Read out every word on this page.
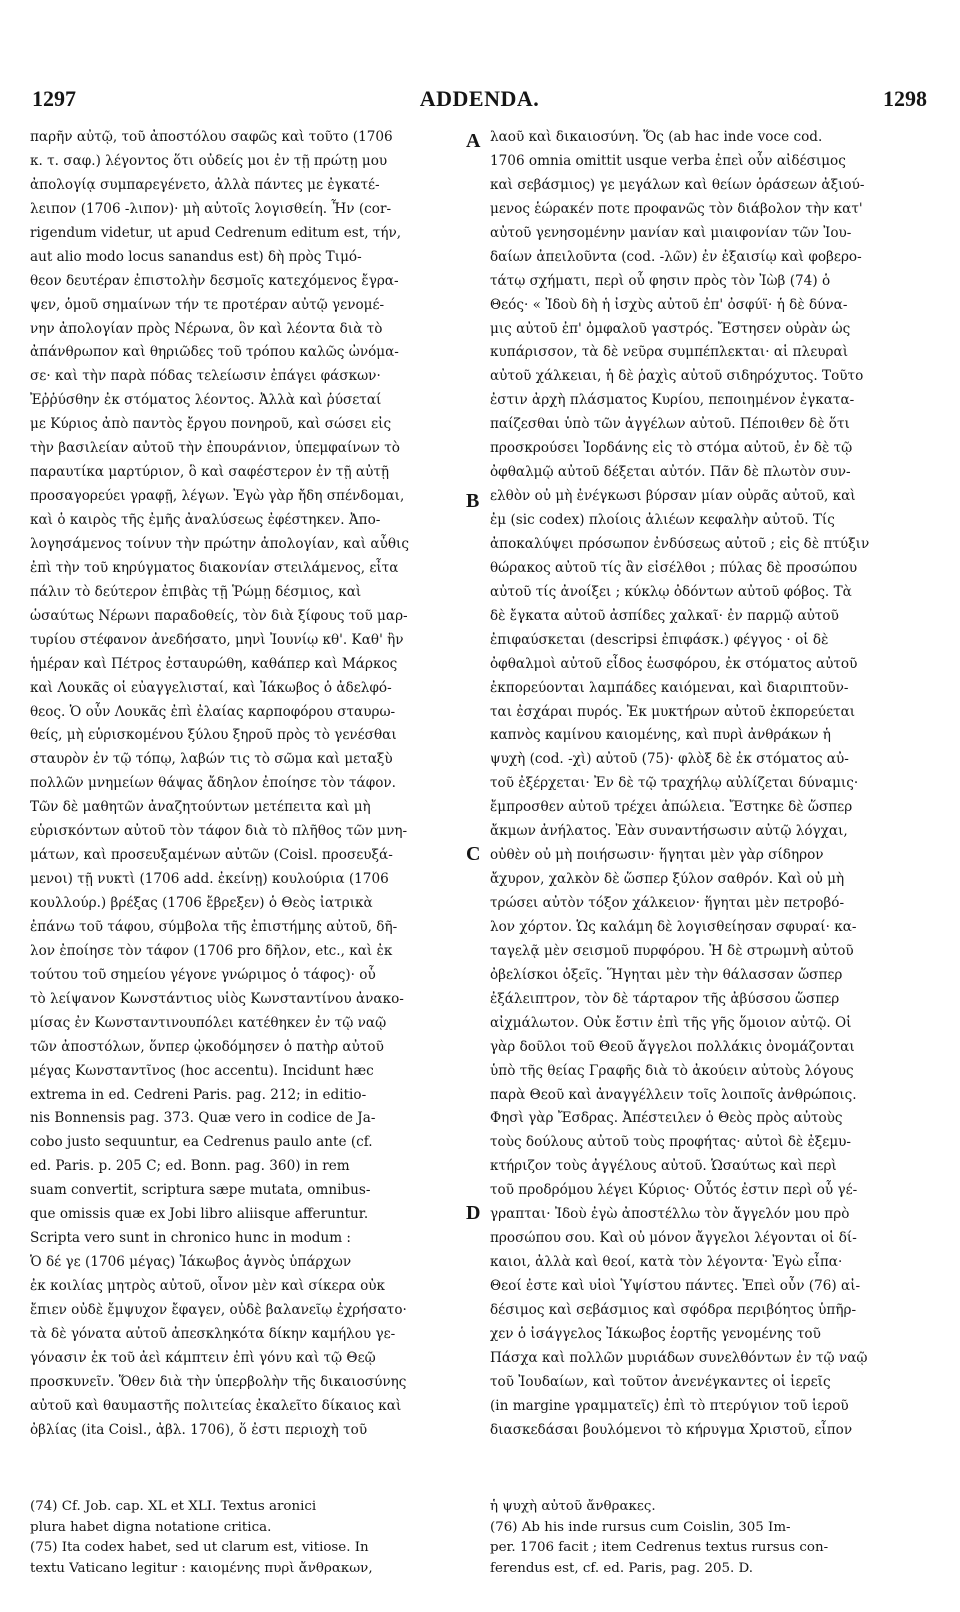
1297	ADDENDA.	1298
παρῆν αὐτῷ, τοῦ ἀποστόλου σαφῶς καὶ τοῦτο (1706
κ. τ. σαφ.) λέγοντος ὅτι οὐδείς μοι ἐν τῇ πρώτῃ μου
ἀπολογίᾳ συμπαρεγένετο, ἀλλὰ πάντες με ἐγκατέ-
λειπον (1706 -λιπον)· μὴ αὐτοῖς λογισθείη. Ἦν (cor-
rigendum videtur, ut apud Cedrenum editum est, τήν,
aut alio modo locus sanandus est) δὴ πρὸς Τιμό-
θεον δευτέραν ἐπιστολὴν δεσμοῖς κατεχόμενος ἔγρα-
ψεν, ὁμοῦ σημαίνων τήν τε προτέραν αὐτῷ γενομέ-
νην ἀπολογίαν πρὸς Νέρωνα, ὃν καὶ λέοντα διὰ τὸ
ἀπάνθρωπον καὶ θηριῶδες τοῦ τρόπου καλῶς ὠνόμα-
σε· καὶ τὴν παρὰ πόδας τελείωσιν ἐπάγει φάσκων·
Ἐῤῥύσθην ἐκ στόματος λέοντος. Ἀλλὰ καὶ ῥύσεταί
με Κύριος ἀπὸ παντὸς ἔργου πονηροῦ, καὶ σώσει εἰς
τὴν βασιλείαν αὐτοῦ τὴν ἐπουράνιον, ὑπεμφαίνων τὸ
παραυτίκα μαρτύριον, ὃ καὶ σαφέστερον ἐν τῇ αὐτῇ
προσαγορεύει γραφῇ, λέγων. Ἐγὼ γὰρ ἤδη σπένδομαι,
καὶ ὁ καιρὸς τῆς ἐμῆς ἀναλύσεως ἐφέστηκεν. Ἀπο-
λογησάμενος τοίνυν τὴν πρώτην ἀπολογίαν, καὶ αὖθις
ἐπὶ τὴν τοῦ κηρύγματος διακονίαν στειλάμενος, εἶτα
πάλιν τὸ δεύτερον ἐπιβὰς τῇ Ῥώμῃ δέσμιος, καὶ
ὡσαύτως Νέρωνι παραδοθείς, τὸν διὰ ξίφους τοῦ μαρ-
τυρίου στέφανον ἀνεδήσατο, μηνὶ Ἰουνίῳ κθ'. Καθ' ἣν
ἡμέραν καὶ Πέτρος ἐσταυρώθη, καθάπερ καὶ Μάρκος
καὶ Λουκᾶς οἱ εὐαγγελισταί, καὶ Ἰάκωβος ὁ ἀδελφό-
θεος. Ὁ οὖν Λουκᾶς ἐπὶ ἐλαίας καρποφόρου σταυρω-
θείς, μὴ εὑρισκομένου ξύλου ξηροῦ πρὸς τὸ γενέσθαι
σταυρὸν ἐν τῷ τόπῳ, λαβών τις τὸ σῶμα καὶ μεταξὺ
πολλῶν μνημείων θάψας ἄδηλον ἐποίησε τὸν τάφον.
Τῶν δὲ μαθητῶν ἀναζητούντων μετέπειτα καὶ μὴ
εὑρισκόντων αὐτοῦ τὸν τάφον διὰ τὸ πλῆθος τῶν μνη-
μάτων, καὶ προσευξαμένων αὐτῶν (Coisl. προσευξά-
μενοι) τῇ νυκτὶ (1706 add. ἐκείνῃ) κουλούρια (1706
κουλλούρ.) βρέξας (1706 ἔβρεξεν) ὁ Θεὸς ἰατρικὰ
ἐπάνω τοῦ τάφου, σύμβολα τῆς ἐπιστήμης αὐτοῦ, δῆ-
λον ἐποίησε τὸν τάφον (1706 pro δῆλον, etc., καὶ ἐκ
τούτου τοῦ σημείου γέγονε γνώριμος ὁ τάφος)· οὗ
τὸ λείψανον Κωνστάντιος υἱὸς Κωνσταντίνου ἀνακο-
μίσας ἐν Κωνσταντινουπόλει κατέθηκεν ἐν τῷ ναῷ
τῶν ἀποστόλων, ὅνπερ ᾠκοδόμησεν ὁ πατὴρ αὐτοῦ
μέγας Κωνσταντῖνος (hoc accentu). Incidunt hæc
extrema in ed. Cedreni Paris. pag. 212; in editio-
nis Bonnensis pag. 373. Quæ vero in codice de Ja-
cobo justo sequuntur, ea Cedrenus paulo ante (cf.
ed. Paris. p. 205 C; ed. Bonn. pag. 360) in rem
suam convertit, scriptura sæpe mutata, omnibus-
que omissis quæ ex Jobi libro aliisque afferuntur.
Scripta vero sunt in chronico hunc in modum :
Ὁ δέ γε (1706 μέγας) Ἰάκωβος ἁγνὸς ὑπάρχων
ἐκ κοιλίας μητρὸς αὐτοῦ, οἶνον μὲν καὶ σίκερα οὐκ
ἔπιεν οὐδὲ ἔμψυχον ἔφαγεν, οὐδὲ βαλανεῖῳ ἐχρήσατο·
τὰ δὲ γόνατα αὐτοῦ ἀπεσκληκότα δίκην καμήλου γε-
γόνασιν ἐκ τοῦ ἀεὶ κάμπτειν ἐπὶ γόνυ καὶ τῷ Θεῷ
προσκυνεῖν. Ὅθεν διὰ τὴν ὑπερβολὴν τῆς δικαιοσύνης
αὐτοῦ καὶ θαυμαστῆς πολιτείας ἐκαλεῖτο δίκαιος καὶ
ὀβλίας (ita Coisl., ἀβλ. 1706), ὅ ἐστι περιοχὴ τοῦ
λαοῦ καὶ δικαιοσύνη. Ὅς (ab hac inde voce cod.
1706 omnia omittit usque verba ἐπεὶ οὖν αἰδέσιμος
καὶ σεβάσμιος) γε μεγάλων καὶ θείων ὁράσεων ἀξιού-
μενος ἑώρακέν ποτε προφανῶς τὸν διάβολον τὴν κατ'
αὐτοῦ γενησομένην μανίαν καὶ μιαιφονίαν τῶν Ἰου-
δαίων ἀπειλοῦντα (cod. -λῶν) ἐν ἐξαισίῳ καὶ φοβερο-
τάτῳ σχήματι, περὶ οὗ φησιν πρὸς τὸν Ἰὼβ (74) ὁ
Θεός· « Ἰδοὺ δὴ ἡ ἰσχὺς αὐτοῦ ἐπ' ὀσφύϊ· ἡ δὲ δύνα-
μις αὐτοῦ ἐπ' ὀμφαλοῦ γαστρός. Ἔστησεν οὐρὰν ὡς
κυπάρισσον, τὰ δὲ νεῦρα συμπέπλεκται· αἱ πλευραὶ
αὐτοῦ χάλκειαι, ἡ δὲ ῥαχὶς αὐτοῦ σιδηρόχυτος. Τοῦτο
ἐστιν ἀρχὴ πλάσματος Κυρίου, πεποιημένον ἐγκατα-
παίζεσθαι ὑπὸ τῶν ἀγγέλων αὐτοῦ. Πέποιθεν δὲ ὅτι
προσκρούσει Ἰορδάνης εἰς τὸ στόμα αὐτοῦ, ἐν δὲ τῷ
ὀφθαλμῷ αὐτοῦ δέξεται αὐτόν. Πᾶν δὲ πλωτὸν συν-
ελθὸν οὐ μὴ ἐνέγκωσι βύρσαν μίαν οὐρᾶς αὐτοῦ, καὶ
ἐμ (sic codex) πλοίοις ἁλιέων κεφαλὴν αὐτοῦ. Τίς
ἀποκαλύψει πρόσωπον ἐνδύσεως αὐτοῦ ; εἰς δὲ πτύξιν
θώρακος αὐτοῦ τίς ἂν εἰσέλθοι ; πύλας δὲ προσώπου
αὐτοῦ τίς ἀνοίξει ; κύκλῳ ὀδόντων αὐτοῦ φόβος. Τὰ
δὲ ἔγκατα αὐτοῦ ἀσπίδες χαλκαῖ· ἐν παρμῷ αὐτοῦ
ἐπιφαύσκεται (descripsi ἐπιφάσκ.) φέγγος · οἱ δὲ
ὀφθαλμοὶ αὐτοῦ εἶδος ἑωσφόρου, ἐκ στόματος αὐτοῦ
ἐκπορεύονται λαμπάδες καιόμεναι, καὶ διαριπτοῦν-
ται ἐσχάραι πυρός. Ἐκ μυκτήρων αὐτοῦ ἐκπορεύεται
καπνὸς καμίνου καιομένης, καὶ πυρὶ ἀνθράκων ἡ
ψυχὴ (cod. -χὶ) αὐτοῦ (75)· φλὸξ δὲ ἐκ στόματος αὐ-
τοῦ ἐξέρχεται· Ἐν δὲ τῷ τραχήλῳ αὐλίζεται δύναμις·
ἔμπροσθεν αὐτοῦ τρέχει ἀπώλεια. Ἔστηκε δὲ ὥσπερ
ἄκμων ἀνήλατος. Ἐὰν συναντήσωσιν αὐτῷ λόγχαι,
οὐθὲν οὐ μὴ ποιήσωσιν· ἥγηται μὲν γὰρ σίδηρον
ἄχυρον, χαλκὸν δὲ ὥσπερ ξύλον σαθρόν. Καὶ οὐ μὴ
τρώσει αὐτὸν τόξον χάλκειον· ἥγηται μὲν πετροβό-
λον χόρτον. Ὡς καλάμη δὲ λογισθείησαν σφυραί· κα-
ταγελᾷ μὲν σεισμοῦ πυρφόρου. Ἡ δὲ στρωμνὴ αὐτοῦ
ὀβελίσκοι ὀξεῖς. Ἥγηται μὲν τὴν θάλασσαν ὥσπερ
ἐξάλειπτρον, τὸν δὲ τάρταρον τῆς ἀβύσσου ὥσπερ
αἰχμάλωτον. Οὐκ ἔστιν ἐπὶ τῆς γῆς ὅμοιον αὐτῷ. Οἱ
γὰρ δοῦλοι τοῦ Θεοῦ ἄγγελοι πολλάκις ὀνομάζονται
ὑπὸ τῆς θείας Γραφῆς διὰ τὸ ἀκούειν αὐτοὺς λόγους
παρὰ Θεοῦ καὶ ἀναγγέλλειν τοῖς λοιποῖς ἀνθρώποις.
Φησὶ γὰρ Ἔσδρας. Ἀπέστειλεν ὁ Θεὸς πρὸς αὐτοὺς
τοὺς δούλους αὐτοῦ τοὺς προφήτας· αὐτοὶ δὲ ἐξεμυ-
κτήριζον τοὺς ἀγγέλους αὐτοῦ. Ὡσαύτως καὶ περὶ
τοῦ προδρόμου λέγει Κύριος· Οὗτός ἐστιν περὶ οὗ γέ-
γραπται· Ἰδοὺ ἐγὼ ἀποστέλλω τὸν ἄγγελόν μου πρὸ
προσώπου σου. Καὶ οὐ μόνον ἄγγελοι λέγονται οἱ δί-
καιοι, ἀλλὰ καὶ θεοί, κατὰ τὸν λέγοντα· Ἐγὼ εἶπα·
Θεοί ἐστε καὶ υἱοὶ Ὑψίστου πάντες. Ἐπεὶ οὖν (76) αἰ-
δέσιμος καὶ σεβάσμιος καὶ σφόδρα περιβόητος ὑπῆρ-
χεν ὁ ἰσάγγελος Ἰάκωβος ἑορτῆς γενομένης τοῦ
Πάσχα καὶ πολλῶν μυριάδων συνελθόντων ἐν τῷ ναῷ
τοῦ Ἰουδαίων, καὶ τοῦτον ἀνενέγκαντες οἱ ἱερεῖς
(in margine γραμματεῖς) ἐπὶ τὸ πτερύγιον τοῦ ἱεροῦ
διασκεδάσαι βουλόμενοι τὸ κήρυγμα Χριστοῦ, εἶπον
A
B
C
D
(74) Cf. Job. cap. XL et XLI. Textus aronici
plura habet digna notatione critica.
(75) Ita codex habet, sed ut clarum est, vitiose. In
textu Vaticano legitur : καιομένης πυρὶ ἄνθρακων,
ἡ ψυχὴ αὐτοῦ ἄνθρακες.
(76) Ab his inde rursus cum Coislin, 305 Im-
per. 1706 facit ; item Cedrenus textus rursus con-
ferendus est, cf. ed. Paris, pag. 205. D.
